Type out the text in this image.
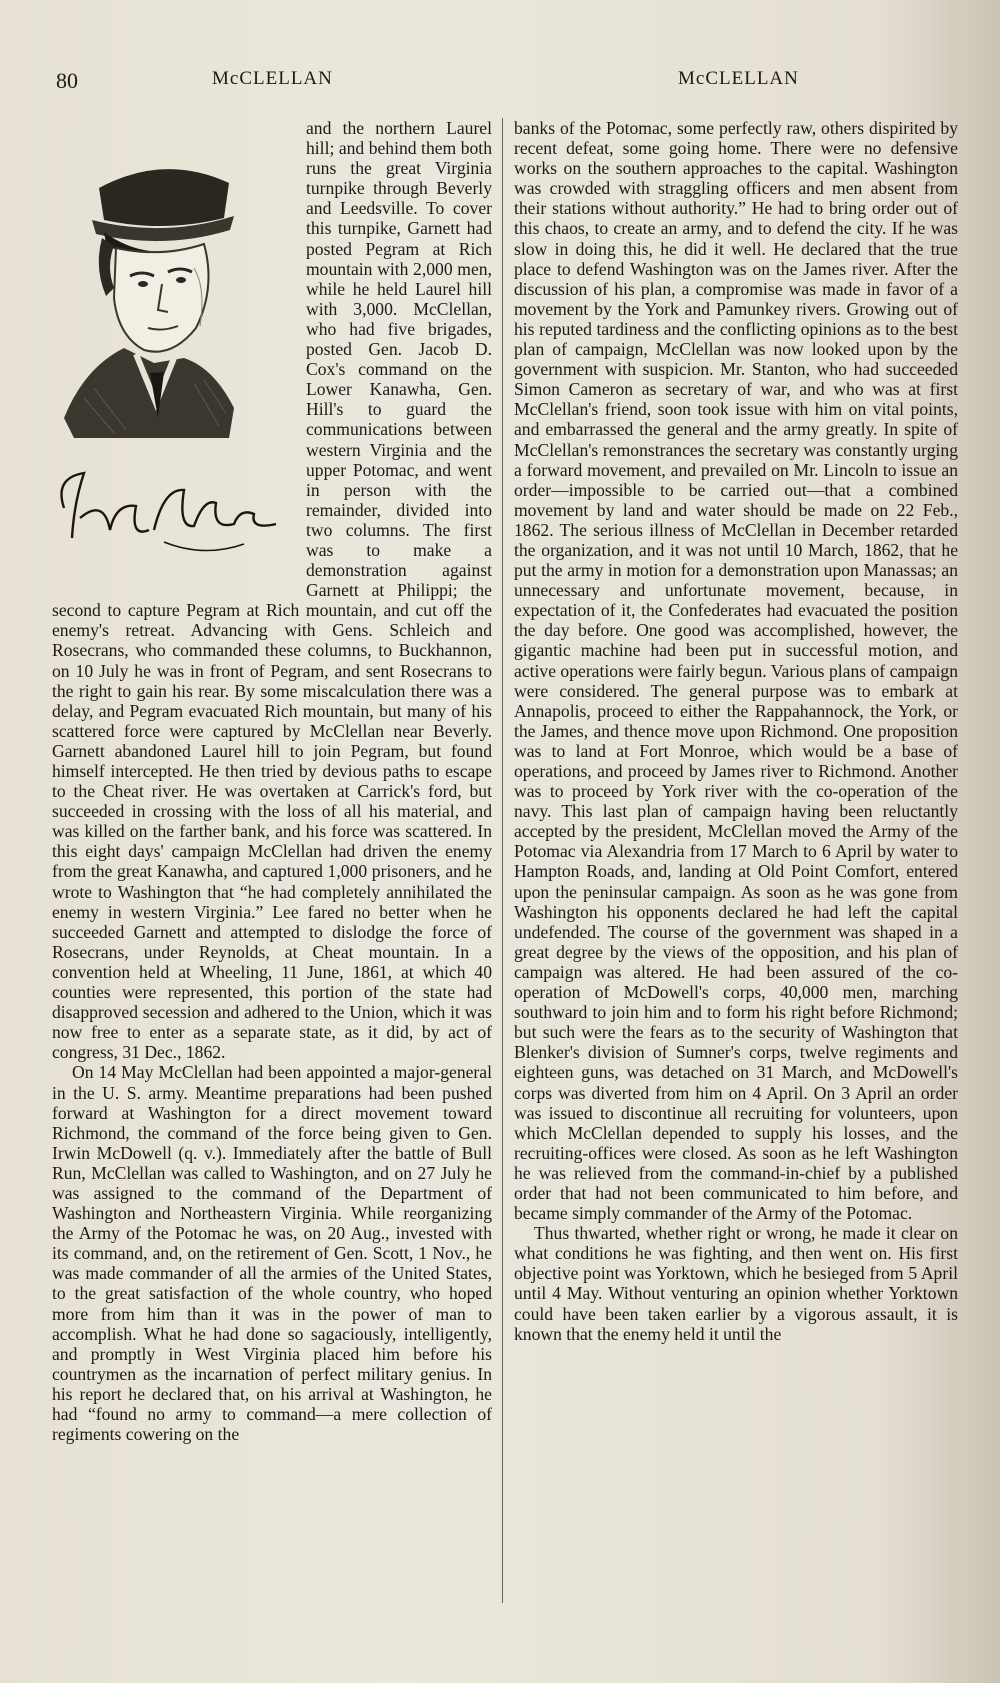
80	McCLELLAN	McCLELLAN

and the northern Laurel hill; and behind them both runs the great Virginia turnpike through Beverly and Leedsville. To cover this turnpike, Garnett had posted Pegram at Rich mountain with 2,000 men, while he held Laurel hill with 3,000. McClellan, who had five brigades, posted Gen. Jacob D. Cox's command on the Lower Kanawha, Gen. Hill's to guard the communications between western Virginia and the upper Potomac, and went in person with the remainder, divided into two columns. The first was to make a demonstration against Garnett at Philippi; the second to capture Pegram at Rich mountain, and cut off the enemy's retreat. Advancing with Gens. Schleich and Rosecrans, who commanded these columns, to Buckhannon, on 10 July he was in front of Pegram, and sent Rosecrans to the right to gain his rear. By some miscalculation there was a delay, and Pegram evacuated Rich mountain, but many of his scattered force were captured by McClellan near Beverly. Garnett abandoned Laurel hill to join Pegram, but found himself intercepted. He then tried by devious paths to escape to the Cheat river. He was overtaken at Carrick's ford, but succeeded in crossing with the loss of all his material, and was killed on the farther bank, and his force was scattered. In this eight days' campaign McClellan had driven the enemy from the great Kanawha, and captured 1,000 prisoners, and he wrote to Washington that “he had completely annihilated the enemy in western Virginia.” Lee fared no better when he succeeded Garnett and attempted to dislodge the force of Rosecrans, under Reynolds, at Cheat mountain. In a convention held at Wheeling, 11 June, 1861, at which 40 counties were represented, this portion of the state had disapproved secession and adhered to the Union, which it was now free to enter as a separate state, as it did, by act of congress, 31 Dec., 1862.

On 14 May McClellan had been appointed a major-general in the U. S. army. Meantime preparations had been pushed forward at Washington for a direct movement toward Richmond, the command of the force being given to Gen. Irwin McDowell (q. v.). Immediately after the battle of Bull Run, McClellan was called to Washington, and on 27 July he was assigned to the command of the Department of Washington and Northeastern Virginia. While reorganizing the Army of the Potomac he was, on 20 Aug., invested with its command, and, on the retirement of Gen. Scott, 1 Nov., he was made commander of all the armies of the United States, to the great satisfaction of the whole country, who hoped more from him than it was in the power of man to accomplish. What he had done so sagaciously, intelligently, and promptly in West Virginia placed him before his countrymen as the incarnation of perfect military genius. In his report he declared that, on his arrival at Washington, he had “found no army to command—a mere collection of regiments cowering on the

banks of the Potomac, some perfectly raw, others dispirited by recent defeat, some going home. There were no defensive works on the southern approaches to the capital. Washington was crowded with straggling officers and men absent from their stations without authority.” He had to bring order out of this chaos, to create an army, and to defend the city. If he was slow in doing this, he did it well. He declared that the true place to defend Washington was on the James river. After the discussion of his plan, a compromise was made in favor of a movement by the York and Pamunkey rivers. Growing out of his reputed tardiness and the conflicting opinions as to the best plan of campaign, McClellan was now looked upon by the government with suspicion. Mr. Stanton, who had succeeded Simon Cameron as secretary of war, and who was at first McClellan's friend, soon took issue with him on vital points, and embarrassed the general and the army greatly. In spite of McClellan's remonstrances the secretary was constantly urging a forward movement, and prevailed on Mr. Lincoln to issue an order—impossible to be carried out—that a combined movement by land and water should be made on 22 Feb., 1862. The serious illness of McClellan in December retarded the organization, and it was not until 10 March, 1862, that he put the army in motion for a demonstration upon Manassas; an unnecessary and unfortunate movement, because, in expectation of it, the Confederates had evacuated the position the day before. One good was accomplished, however, the gigantic machine had been put in successful motion, and active operations were fairly begun. Various plans of campaign were considered. The general purpose was to embark at Annapolis, proceed to either the Rappahannock, the York, or the James, and thence move upon Richmond. One proposition was to land at Fort Monroe, which would be a base of operations, and proceed by James river to Richmond. Another was to proceed by York river with the co-operation of the navy. This last plan of campaign having been reluctantly accepted by the president, McClellan moved the Army of the Potomac via Alexandria from 17 March to 6 April by water to Hampton Roads, and, landing at Old Point Comfort, entered upon the peninsular campaign. As soon as he was gone from Washington his opponents declared he had left the capital undefended. The course of the government was shaped in a great degree by the views of the opposition, and his plan of campaign was altered. He had been assured of the co-operation of McDowell's corps, 40,000 men, marching southward to join him and to form his right before Richmond; but such were the fears as to the security of Washington that Blenker's division of Sumner's corps, twelve regiments and eighteen guns, was detached on 31 March, and McDowell's corps was diverted from him on 4 April. On 3 April an order was issued to discontinue all recruiting for volunteers, upon which McClellan depended to supply his losses, and the recruiting-offices were closed. As soon as he left Washington he was relieved from the command-in-chief by a published order that had not been communicated to him before, and became simply commander of the Army of the Potomac.

Thus thwarted, whether right or wrong, he made it clear on what conditions he was fighting, and then went on. His first objective point was Yorktown, which he besieged from 5 April until 4 May. Without venturing an opinion whether Yorktown could have been taken earlier by a vigorous assault, it is known that the enemy held it until the
